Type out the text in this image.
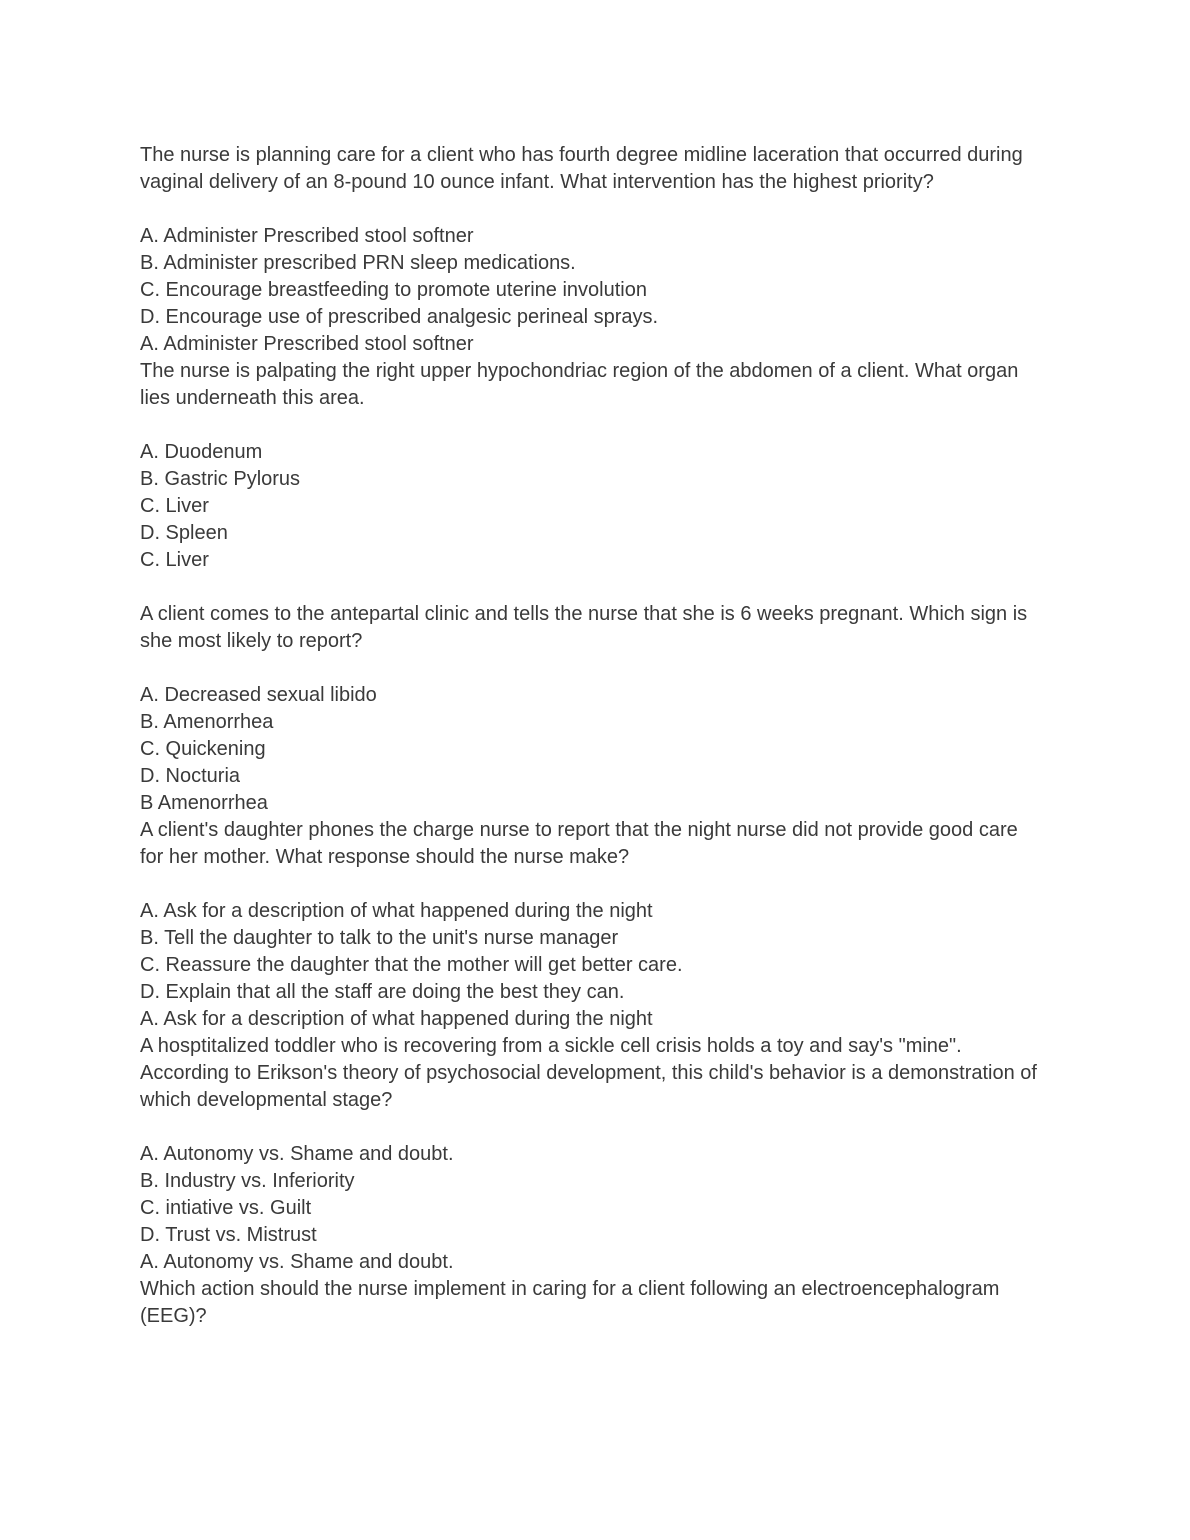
The nurse is planning care for a client who has fourth degree midline laceration that occurred during vaginal delivery of an 8-pound 10 ounce infant. What intervention has the highest priority?

A. Administer Prescribed stool softner

B. Administer prescribed PRN sleep medications.

C. Encourage breastfeeding to promote uterine involution

D. Encourage use of prescribed analgesic perineal sprays.

A. Administer Prescribed stool softner

The nurse is palpating the right upper hypochondriac region of the abdomen of a client. What organ lies underneath this area.

A. Duodenum

B. Gastric Pylorus

C. Liver

D. Spleen

C. Liver

A client comes to the antepartal clinic and tells the nurse that she is 6 weeks pregnant. Which sign is she most likely to report?

A. Decreased sexual libido

B. Amenorrhea

C. Quickening

D. Nocturia

B Amenorrhea

A client's daughter phones the charge nurse to report that the night nurse did not provide good care for her mother. What response should the nurse make?

A. Ask for a description of what happened during the night

B. Tell the daughter to talk to the unit's nurse manager

C. Reassure the daughter that the mother will get better care.

D. Explain that all the staff are doing the best they can.

A. Ask for a description of what happened during the night

A hosptitalized toddler who is recovering from a sickle cell crisis holds a toy and say's "mine". According to Erikson's theory of psychosocial development, this child's behavior is a demonstration of which developmental stage?

A. Autonomy vs. Shame and doubt.

B. Industry vs. Inferiority

C. intiative vs. Guilt

D. Trust vs. Mistrust

A. Autonomy vs. Shame and doubt.

Which action should the nurse implement in caring for a client following an electroencephalogram (EEG)?
